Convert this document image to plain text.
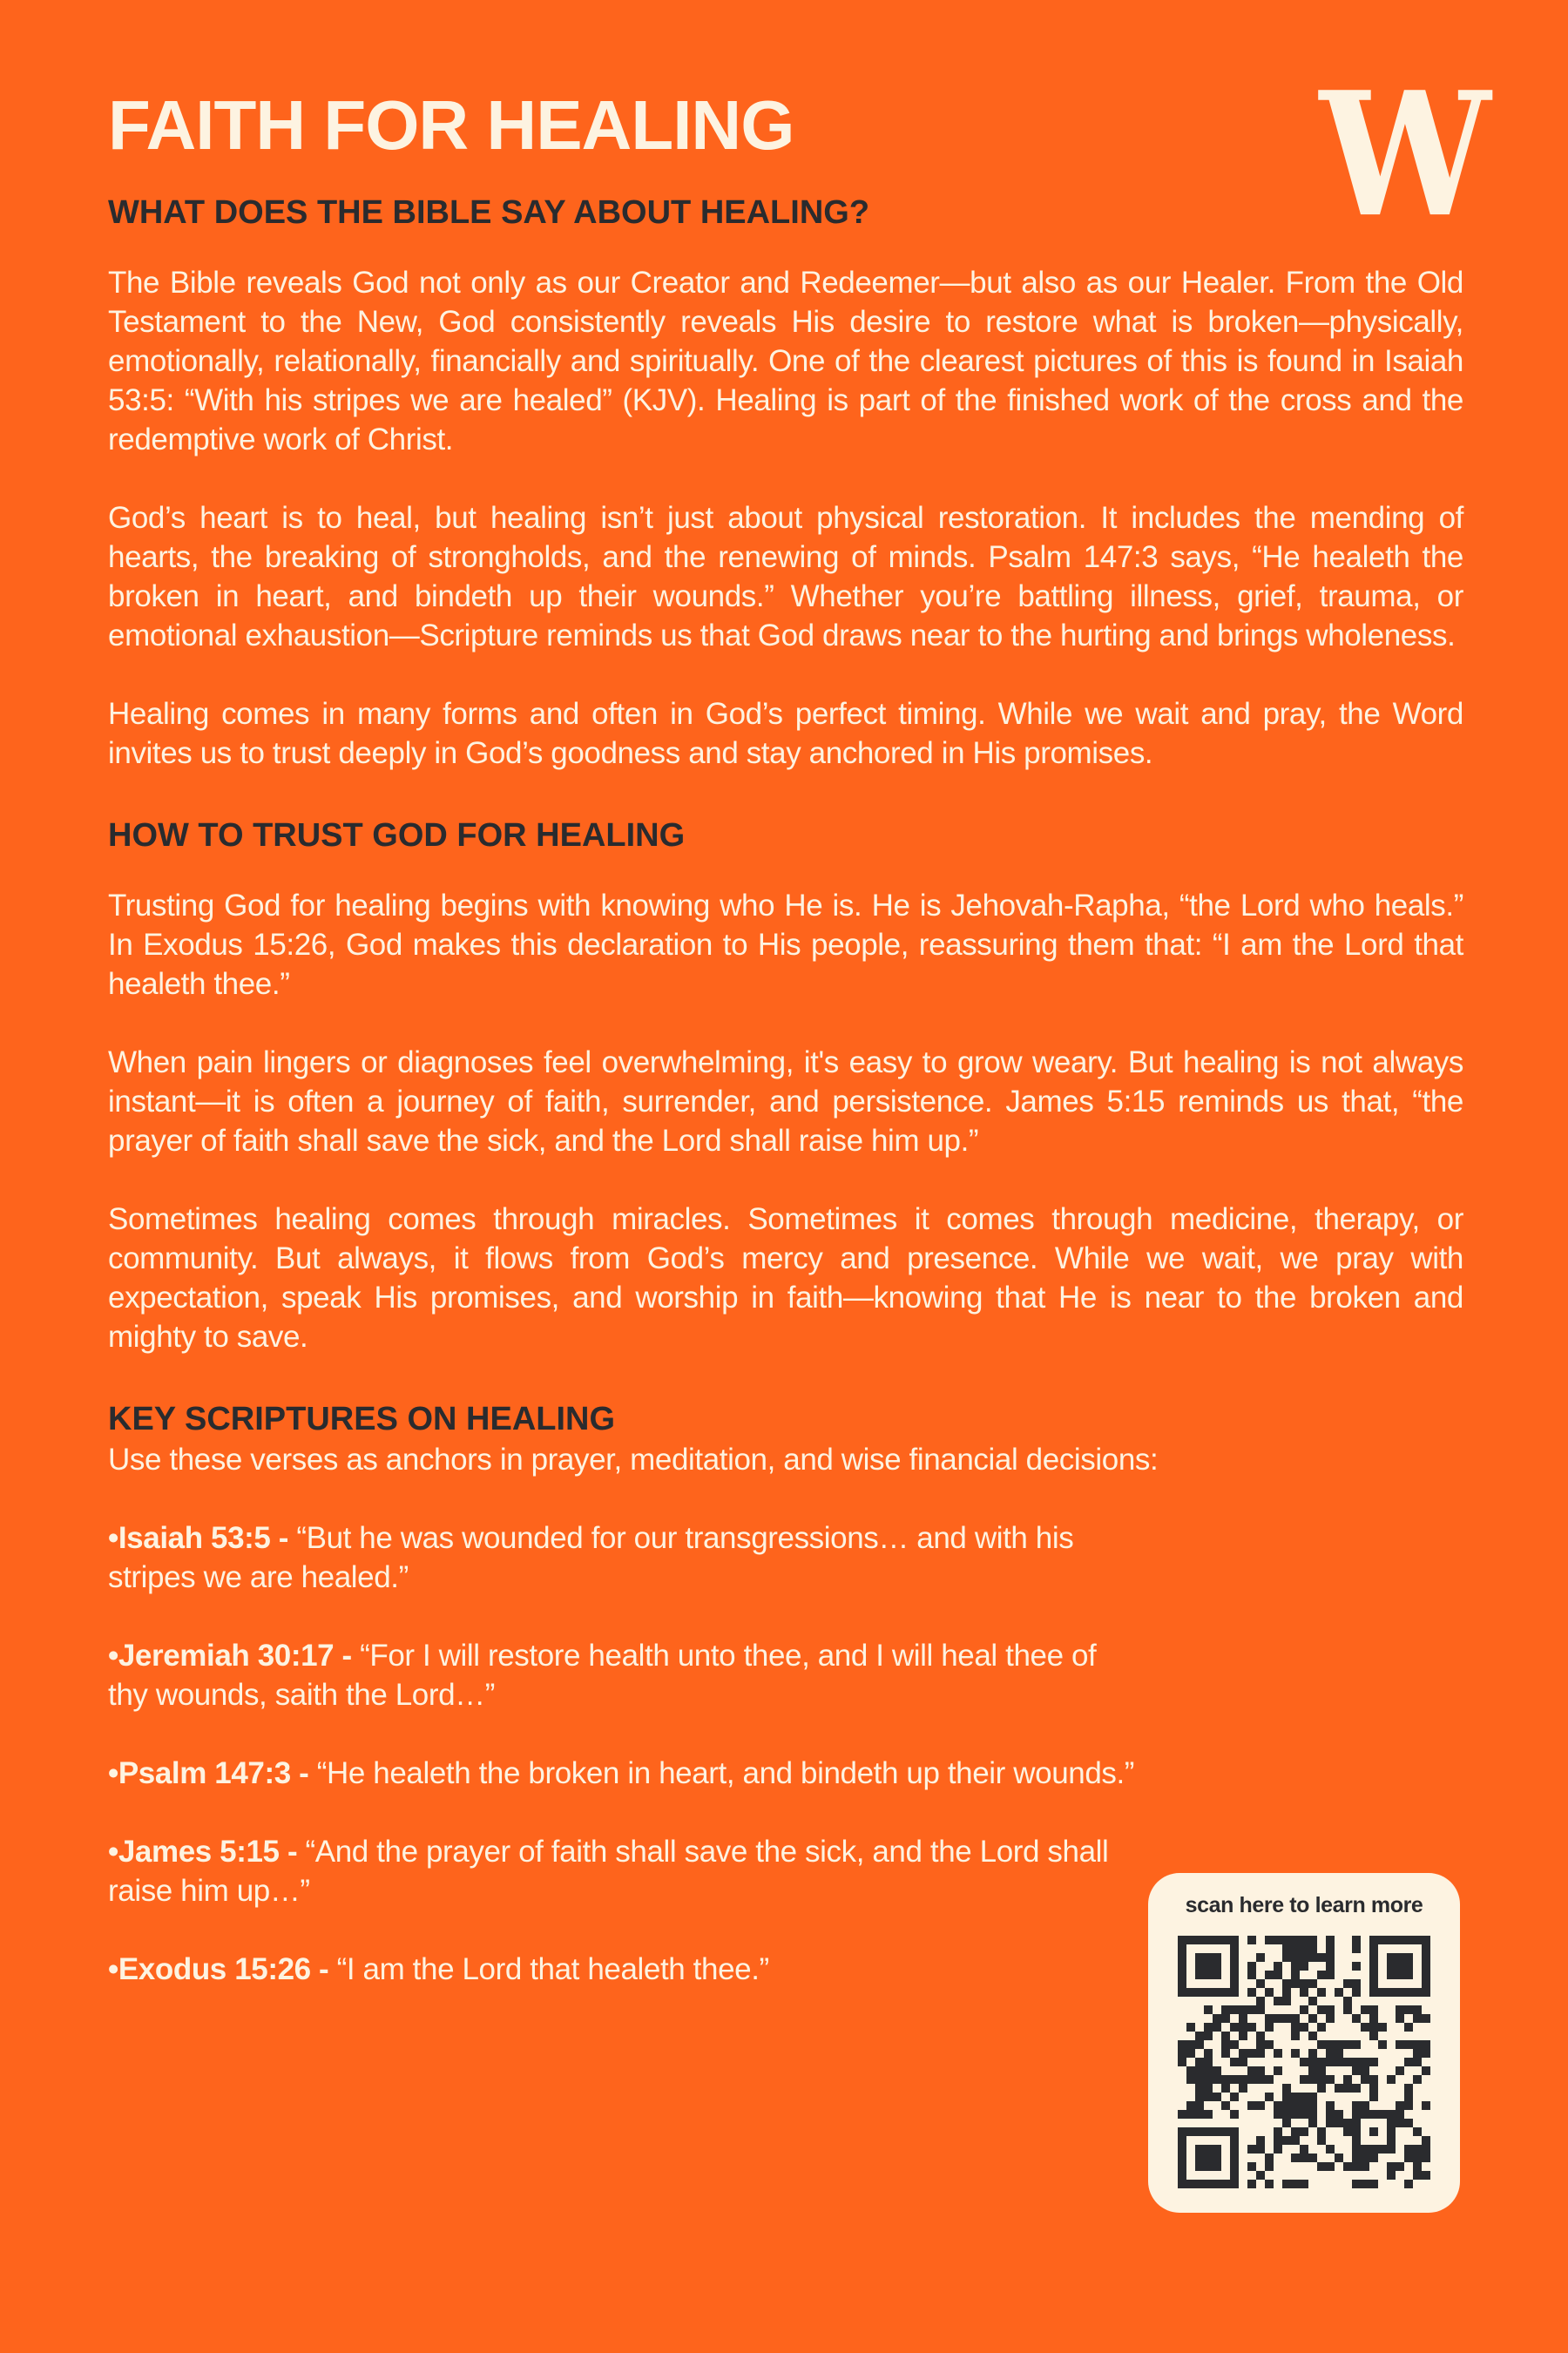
FAITH FOR HEALING	W
WHAT DOES THE BIBLE SAY ABOUT HEALING?

The Bible reveals God not only as our Creator and Redeemer—but also as our Healer. From the Old Testament to the New, God consistently reveals His desire to restore what is broken—physically, emotionally, relationally, financially and spiritually. One of the clearest pictures of this is found in Isaiah 53:5: “With his stripes we are healed” (KJV). Healing is part of the finished work of the cross and the redemptive work of Christ.

God’s heart is to heal, but healing isn’t just about physical restoration. It includes the mending of hearts, the breaking of strongholds, and the renewing of minds. Psalm 147:3 says, “He healeth the broken in heart, and bindeth up their wounds.” Whether you’re battling illness, grief, trauma, or emotional exhaustion—Scripture reminds us that God draws near to the hurting and brings wholeness.

Healing comes in many forms and often in God’s perfect timing. While we wait and pray, the Word invites us to trust deeply in God’s goodness and stay anchored in His promises.

HOW TO TRUST GOD FOR HEALING

Trusting God for healing begins with knowing who He is. He is Jehovah-Rapha, “the Lord who heals.” In Exodus 15:26, God makes this declaration to His people, reassuring them that: “I am the Lord that healeth thee.”

When pain lingers or diagnoses feel overwhelming, it's easy to grow weary. But healing is not always instant—it is often a journey of faith, surrender, and persistence. James 5:15 reminds us that, “the prayer of faith shall save the sick, and the Lord shall raise him up.”

Sometimes healing comes through miracles. Sometimes it comes through medicine, therapy, or community. But always, it flows from God’s mercy and presence. While we wait, we pray with expectation, speak His promises, and worship in faith—knowing that He is near to the broken and mighty to save.

KEY SCRIPTURES ON HEALING

Use these verses as anchors in prayer, meditation, and wise financial decisions:

•Isaiah 53:5 - “But he was wounded for our transgressions… and with his stripes we are healed.”
•Jeremiah 30:17 - “For I will restore health unto thee, and I will heal thee of thy wounds, saith the Lord…”
•Psalm 147:3 - “He healeth the broken in heart, and bindeth up their wounds.”
•James 5:15 - “And the prayer of faith shall save the sick, and the Lord shall raise him up…”
•Exodus 15:26 - “I am the Lord that healeth thee.”
scan here to learn more
